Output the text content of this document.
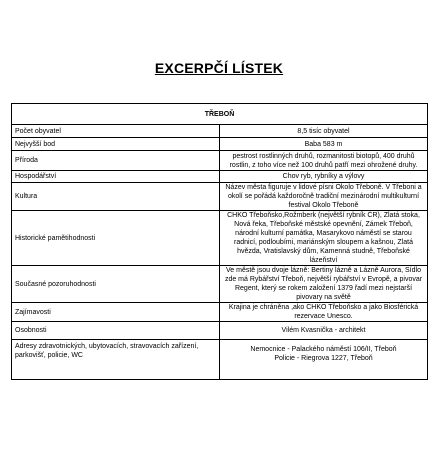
EXCERPČÍ LÍSTEK
TŘEBOŇ	
Počet obyvatel	8,5 tisíc obyvatel
Nejvyšší bod	Baba 583 m
Příroda	pestrost rostlinných druhů, rozmanitosti biotopů, 400 druhů rostlin, z toho více než 100 druhů patří mezi ohrožené druhy.
Hospodářství	Chov ryb, rybníky a výlovy
Kultura	Název města figuruje v lidové písni Okolo Třeboně. V Třeboni a okolí se pořádá každoročně tradiční mezinárodní multikulturní festival Okolo Třeboně
Historické pamětihodnosti	CHKO Třeboňsko,Rožmberk (největší rybník ČR), Zlatá stoka, Nová řeka, Třeboňské městské opevnění, Zámek Třeboň, národní kulturní památka, Masarykovo náměstí se starou radnicí, podloubími, mariánským sloupem a kašnou, Zlatá hvězda, Vratislavský dům, Kamenná studně, Třeboňské lázeňství
Současné pozoruhodnosti	Ve městě jsou dvoje lázně: Bertiny lázně a Lázně Aurora, Sídlo zde má Rybářství Třeboň, největší rybářství v Evropě, a pivovar Regent, který se rokem založení 1379 řadí mezi nejstarší pivovary na světě
Zajímavosti	Krajina je chráněna ,ako CHKO Třeboňsko a jako Biosférická rezervace Unesco.
Osobnosti	Vilém Kvasnička - architekt
Adresy zdravotnických, ubytovacích, stravovacích zařízení, parkovišť, policie, WC	Nemocnice - Palackého náměstí 106/II, Třeboň
Policie - Riegrova 1227, Třeboň
